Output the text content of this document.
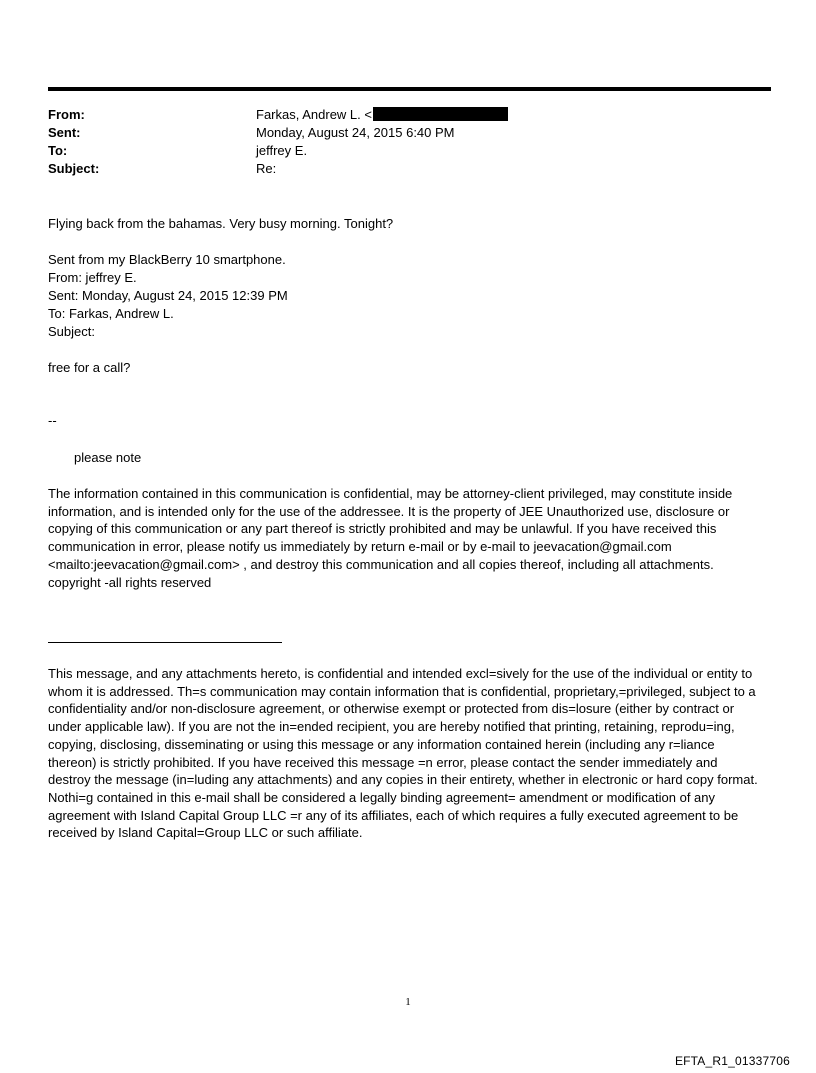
From:	Farkas, Andrew L. <
Sent:	Monday, August 24, 2015 6:40 PM
To:	jeffrey E.
Subject:	Re:
Flying back from the bahamas. Very busy morning. Tonight?
Sent from my BlackBerry 10 smartphone.
From: jeffrey E.
Sent: Monday, August 24, 2015 12:39 PM
To: Farkas, Andrew L.
Subject:
free for a call?
--
please note
The information contained in this communication is confidential, may be attorney-client privileged, may constitute inside information, and is intended only for the use of the addressee. It is the property of JEE Unauthorized use, disclosure or copying of this communication or any part thereof is strictly prohibited and may be unlawful. If you have received this communication in error, please notify us immediately by return e-mail or by e-mail to jeevacation@gmail.com <mailto:jeevacation@gmail.com> , and destroy this communication and all copies thereof, including all attachments. copyright -all rights reserved
This message, and any attachments hereto, is confidential and intended excl=sively for the use of the individual or entity to whom it is addressed. Th=s communication may contain information that is confidential, proprietary,=privileged, subject to a confidentiality and/or non-disclosure agreement, or otherwise exempt or protected from dis=losure (either by contract or under applicable law). If you are not the in=ended recipient, you are hereby notified that printing, retaining, reprodu=ing, copying, disclosing, disseminating or using this message or any information contained herein (including any r=liance thereon) is strictly prohibited. If you have received this message =n error, please contact the sender immediately and destroy the message (in=luding any attachments) and any copies in their entirety, whether in electronic or hard copy format. Nothi=g contained in this e-mail shall be considered a legally binding agreement= amendment or modification of any agreement with Island Capital Group LLC =r any of its affiliates, each of which requires a fully executed agreement to be received by Island Capital=Group LLC or such affiliate.
1
EFTA_R1_01337706
